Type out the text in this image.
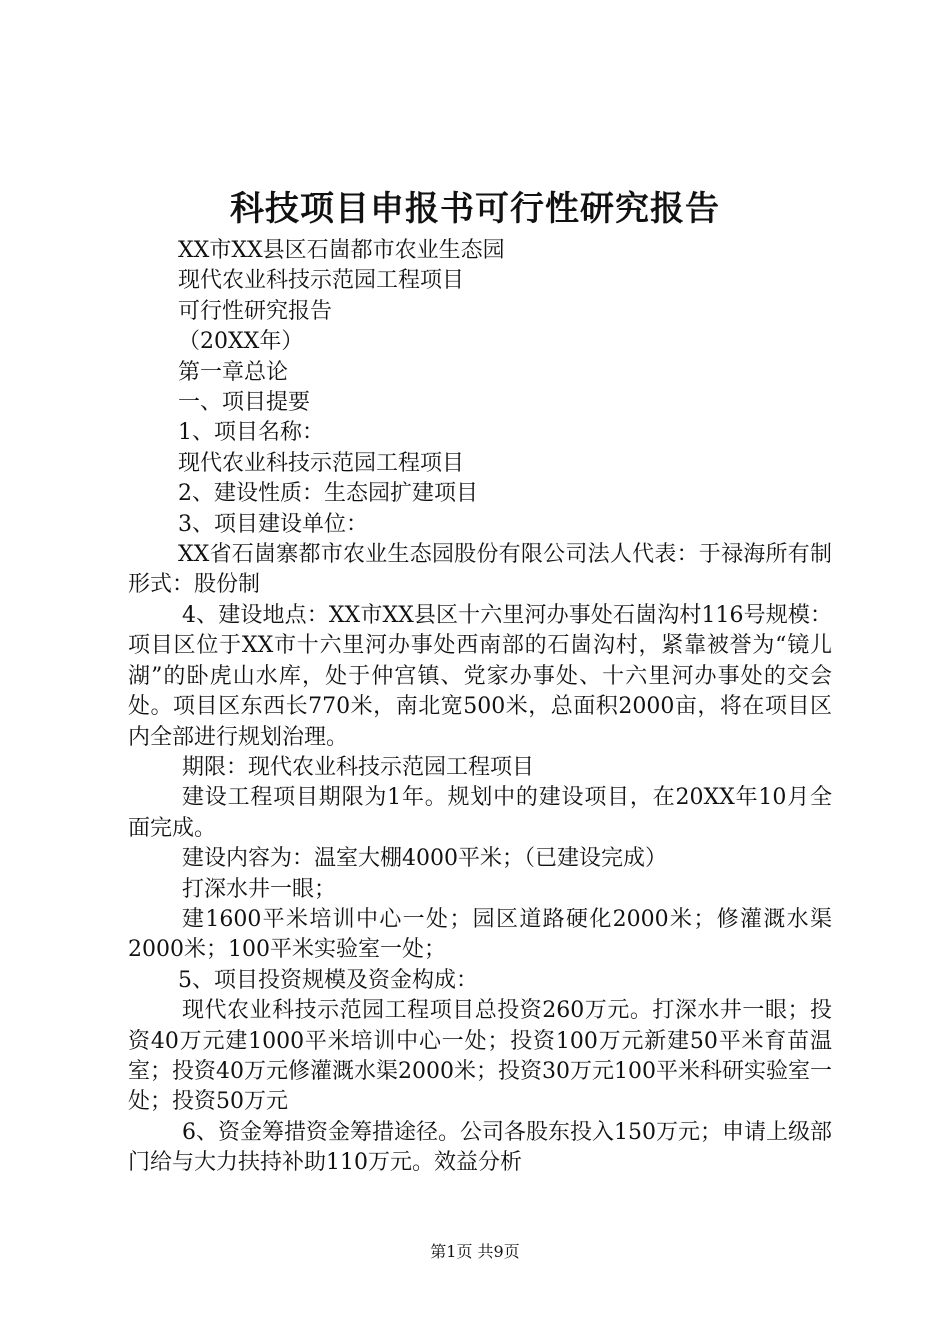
科技项目申报书可行性研究报告

XX市XX县区石崮都市农业生态园

现代农业科技示范园工程项目

可行性研究报告

（20XX年）

第一章总论

一、项目提要

1、项目名称：

现代农业科技示范园工程项目

2、建设性质：生态园扩建项目

3、项目建设单位：

XX省石崮寨都市农业生态园股份有限公司法人代表：于禄海所有制形式：股份制

4、建设地点：XX市XX县区十六里河办事处石崮沟村116号规模：项目区位于XX市十六里河办事处西南部的石崮沟村，紧靠被誉为“镜儿湖”的卧虎山水库，处于仲宫镇、党家办事处、十六里河办事处的交会处。项目区东西长770米，南北宽500米，总面积2000亩，将在项目区内全部进行规划治理。

期限：现代农业科技示范园工程项目

建设工程项目期限为1年。规划中的建设项目，在20XX年10月全面完成。

建设内容为：温室大棚4000平米；（已建设完成）

打深水井一眼；

建1600平米培训中心一处；园区道路硬化2000米；修灌溉水渠2000米；100平米实验室一处；

5、项目投资规模及资金构成：

现代农业科技示范园工程项目总投资260万元。打深水井一眼；投资40万元建1000平米培训中心一处；投资100万元新建50平米育苗温室；投资40万元修灌溉水渠2000米；投资30万元100平米科研实验室一处；投资50万元

6、资金筹措资金筹措途径。公司各股东投入150万元；申请上级部门给与大力扶持补助110万元。效益分析

第1页 共9页
